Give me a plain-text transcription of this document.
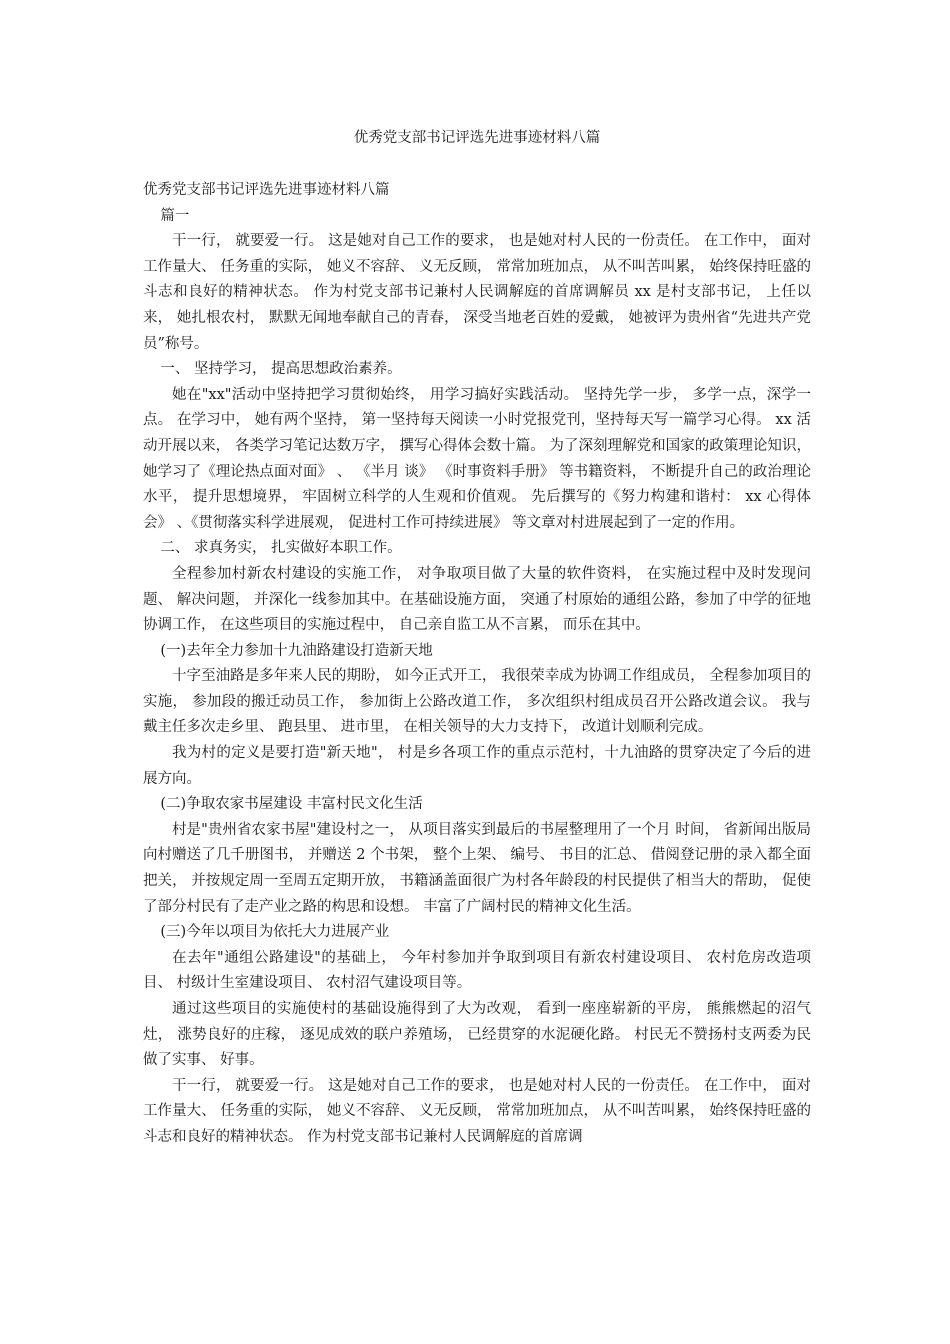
优秀党支部书记评选先进事迹材料八篇

优秀党支部书记评选先进事迹材料八篇

篇一

干一行， 就要爱一行。 这是她对自己工作的要求， 也是她对村人民的一份责任。 在工作中， 面对工作量大、 任务重的实际， 她义不容辞、 义无反顾， 常常加班加点， 从不叫苦叫累， 始终保持旺盛的斗志和良好的精神状态。 作为村党支部书记兼村人民调解庭的首席调解员 xx 是村支部书记， 上任以来， 她扎根农村， 默默无闻地奉献自己的青春， 深受当地老百姓的爱戴， 她被评为贵州省“先进共产党员”称号。

一、 坚持学习， 提高思想政治素养。

她在"xx"活动中坚持把学习贯彻始终， 用学习搞好实践活动。 坚持先学一步， 多学一点，深学一点。 在学习中， 她有两个坚持， 第一坚持每天阅读一小时党报党刊，坚持每天写一篇学习心得。 xx 活动开展以来， 各类学习笔记达数万字， 撰写心得体会数十篇。 为了深刻理解党和国家的政策理论知识，她学习了《理论热点面对面》 、 《半月 谈》 《时事资料手册》 等书籍资料， 不断提升自己的政治理论水平， 提升思想境界， 牢固树立科学的人生观和价值观。 先后撰写的《努力构建和谐村： xx 心得体会》 、《贯彻落实科学进展观， 促进村工作可持续进展》 等文章对村进展起到了一定的作用。

二、 求真务实， 扎实做好本职工作。

全程参加村新农村建设的实施工作， 对争取项目做了大量的软件资料， 在实施过程中及时发现问题、 解决问题， 并深化一线参加其中。在基础设施方面， 突通了村原始的通组公路，参加了中学的征地协调工作， 在这些项目的实施过程中， 自己亲自监工从不言累， 而乐在其中。

(一)去年全力参加十九油路建设打造新天地

十字至油路是多年来人民的期盼， 如今正式开工， 我很荣幸成为协调工作组成员， 全程参加项目的实施， 参加段的搬迁动员工作， 参加街上公路改道工作， 多次组织村组成员召开公路改道会议。 我与戴主任多次走乡里、 跑县里、 进市里， 在相关领导的大力支持下， 改道计划顺利完成。

我为村的定义是要打造"新天地"， 村是乡各项工作的重点示范村，十九油路的贯穿决定了今后的进展方向。

(二)争取农家书屋建设 丰富村民文化生活

村是"贵州省农家书屋"建设村之一， 从项目落实到最后的书屋整理用了一个月 时间， 省新闻出版局向村赠送了几千册图书， 并赠送 2 个书架， 整个上架、 编号、 书目的汇总、 借阅登记册的录入都全面把关， 并按规定周一至周五定期开放， 书籍涵盖面很广为村各年龄段的村民提供了相当大的帮助， 促使了部分村民有了走产业之路的构思和设想。 丰富了广阔村民的精神文化生活。

(三)今年以项目为依托大力进展产业

在去年"通组公路建设"的基础上， 今年村参加并争取到项目有新农村建设项目、 农村危房改造项目、 村级计生室建设项目、 农村沼气建设项目等。

通过这些项目的实施使村的基础设施得到了大为改观， 看到一座座崭新的平房， 熊熊燃起的沼气灶， 涨势良好的庄稼， 逐见成效的联户养殖场， 已经贯穿的水泥硬化路。 村民无不赞扬村支两委为民做了实事、 好事。

干一行， 就要爱一行。 这是她对自己工作的要求， 也是她对村人民的一份责任。 在工作中， 面对工作量大、 任务重的实际， 她义不容辞、 义无反顾， 常常加班加点， 从不叫苦叫累， 始终保持旺盛的斗志和良好的精神状态。 作为村党支部书记兼村人民调解庭的首席调
